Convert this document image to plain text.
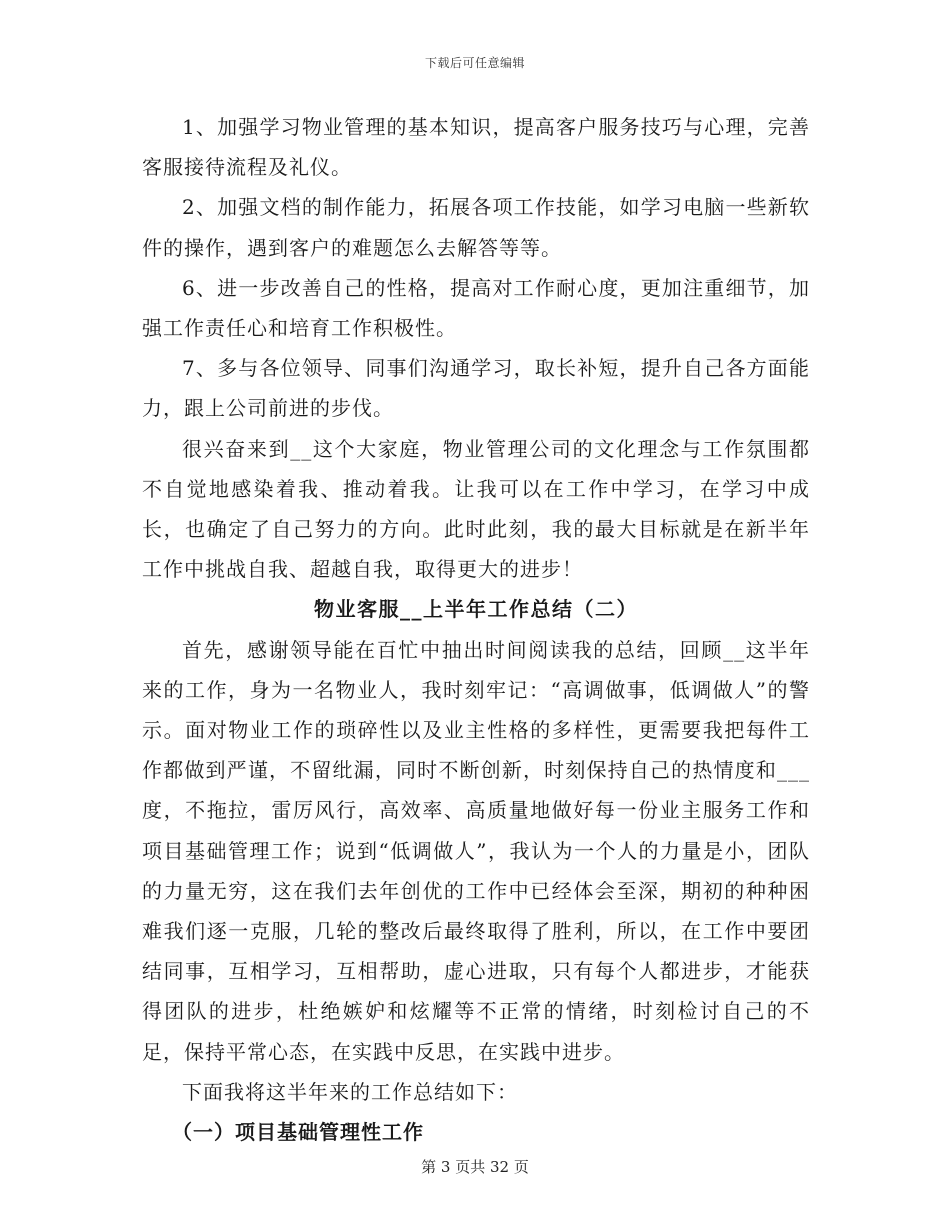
下载后可任意编辑

1、加强学习物业管理的基本知识，提高客户服务技巧与心理，完善客服接待流程及礼仪。

2、加强文档的制作能力，拓展各项工作技能，如学习电脑一些新软件的操作，遇到客户的难题怎么去解答等等。

6、进一步改善自己的性格，提高对工作耐心度，更加注重细节，加强工作责任心和培育工作积极性。

7、多与各位领导、同事们沟通学习，取长补短，提升自己各方面能力，跟上公司前进的步伐。

很兴奋来到__这个大家庭，物业管理公司的文化理念与工作氛围都不自觉地感染着我、推动着我。让我可以在工作中学习，在学习中成长，也确定了自己努力的方向。此时此刻，我的最大目标就是在新半年工作中挑战自我、超越自我，取得更大的进步！

物业客服__上半年工作总结（二）

首先，感谢领导能在百忙中抽出时间阅读我的总结，回顾__这半年来的工作，身为一名物业人，我时刻牢记：“高调做事，低调做人”的警示。面对物业工作的琐碎性以及业主性格的多样性，更需要我把每件工作都做到严谨，不留纰漏，同时不断创新，时刻保持自己的热情度和___度，不拖拉，雷厉风行，高效率、高质量地做好每一份业主服务工作和项目基础管理工作；说到“低调做人”，我认为一个人的力量是小，团队的力量无穷，这在我们去年创优的工作中已经体会至深，期初的种种困难我们逐一克服，几轮的整改后最终取得了胜利，所以，在工作中要团结同事，互相学习，互相帮助，虚心进取，只有每个人都进步，才能获得团队的进步，杜绝嫉妒和炫耀等不正常的情绪，时刻检讨自己的不足，保持平常心态，在实践中反思，在实践中进步。

下面我将这半年来的工作总结如下：

（一）项目基础管理性工作

第 3 页共 32 页
